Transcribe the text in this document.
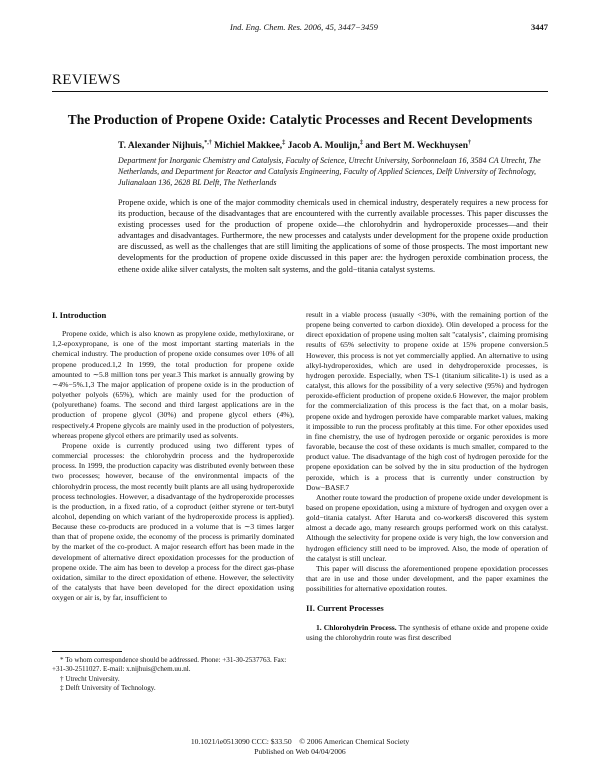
Ind. Eng. Chem. Res. 2006, 45, 3447−3459	3447
REVIEWS
The Production of Propene Oxide: Catalytic Processes and Recent Developments
T. Alexander Nijhuis,*,† Michiel Makkee,‡ Jacob A. Moulijn,‡ and Bert M. Weckhuysen†
Department for Inorganic Chemistry and Catalysis, Faculty of Science, Utrecht University, Sorbonnelaan 16, 3584 CA Utrecht, The Netherlands, and Department for Reactor and Catalysis Engineering, Faculty of Applied Sciences, Delft University of Technology, Julianalaan 136, 2628 BL Delft, The Netherlands
Propene oxide, which is one of the major commodity chemicals used in chemical industry, desperately requires a new process for its production, because of the disadvantages that are encountered with the currently available processes. This paper discusses the existing processes used for the production of propene oxide—the chlorohydrin and hydroperoxide processes—and their advantages and disadvantages. Furthermore, the new processes and catalysts under development for the propene oxide production are discussed, as well as the challenges that are still limiting the applications of some of those prospects. The most important new developments for the production of propene oxide discussed in this paper are: the hydrogen peroxide combination process, the ethene oxide alike silver catalysts, the molten salt systems, and the gold−titania catalyst systems.
I. Introduction

Propene oxide, which is also known as propylene oxide, methyloxirane, or 1,2-epoxypropane, is one of the most important starting materials in the chemical industry. The production of propene oxide consumes over 10% of all propene produced.1,2 In 1999, the total production for propene oxide amounted to ∼5.8 million tons per year.3 This market is annually growing by ∼4%−5%.1,3 The major application of propene oxide is in the production of polyether polyols (65%), which are mainly used for the production of (polyurethane) foams. The second and third largest applications are in the production of propene glycol (30%) and propene glycol ethers (4%), respectively.4 Propene glycols are mainly used in the production of polyesters, whereas propene glycol ethers are primarily used as solvents.

Propene oxide is currently produced using two different types of commercial processes: the chlorohydrin process and the hydroperoxide process. In 1999, the production capacity was distributed evenly between these two processes; however, because of the environmental impacts of the chlorohydrin process, the most recently built plants are all using hydroperoxide process technologies. However, a disadvantage of the hydroperoxide processes is the production, in a fixed ratio, of a coproduct (either styrene or tert-butyl alcohol, depending on which variant of the hydroperoxide process is applied). Because these co-products are produced in a volume that is ∼3 times larger than that of propene oxide, the economy of the process is primarily dominated by the market of the co-product. A major research effort has been made in the development of alternative direct epoxidation processes for the production of propene oxide. The aim has been to develop a process for the direct gas-phase oxidation, similar to the direct epoxidation of ethene. However, the selectivity of the catalysts that have been developed for the direct epoxidation using oxygen or air is, by far, insufficient to

result in a viable process (usually <30%, with the remaining portion of the propene being converted to carbon dioxide). Olin developed a process for the direct epoxidation of propene using molten salt "catalysis", claiming promising results of 65% selectivity to propene oxide at 15% propene conversion.5 However, this process is not yet commercially applied. An alternative to using alkyl-hydroperoxides, which are used in dehydroperoxide processes, is hydrogen peroxide. Especially, when TS-1 (titanium silicalite-1) is used as a catalyst, this allows for the possibility of a very selective (95%) and hydrogen peroxide-efficient production of propene oxide.6 However, the major problem for the commercialization of this process is the fact that, on a molar basis, propene oxide and hydrogen peroxide have comparable market values, making it impossible to run the process profitably at this time. For other epoxides used in fine chemistry, the use of hydrogen peroxide or organic peroxides is more favorable, because the cost of these oxidants is much smaller, compared to the product value. The disadvantage of the high cost of hydrogen peroxide for the propene epoxidation can be solved by the in situ production of the hydrogen peroxide, which is a process that is currently under construction by Dow−BASF.7

Another route toward the production of propene oxide under development is based on propene epoxidation, using a mixture of hydrogen and oxygen over a gold−titania catalyst. After Haruta and co-workers8 discovered this system almost a decade ago, many research groups performed work on this catalyst. Although the selectivity for propene oxide is very high, the low conversion and hydrogen efficiency still need to be improved. Also, the mode of operation of the catalyst is still unclear.

This paper will discuss the aforementioned propene epoxidation processes that are in use and those under development, and the paper examines the possibilities for alternative epoxidation routes.

II. Current Processes

1. Chlorohydrin Process. The synthesis of ethane oxide and propene oxide using the chlorohydrin route was first described

* To whom correspondence should be addressed. Phone: +31-30-2537763. Fax: +31-30-2511027. E-mail: x.nijhuis@chem.uu.nl.
† Utrecht University.
‡ Delft University of Technology.
10.1021/ie0513090 CCC: $33.50    © 2006 American Chemical Society
Published on Web 04/04/2006
